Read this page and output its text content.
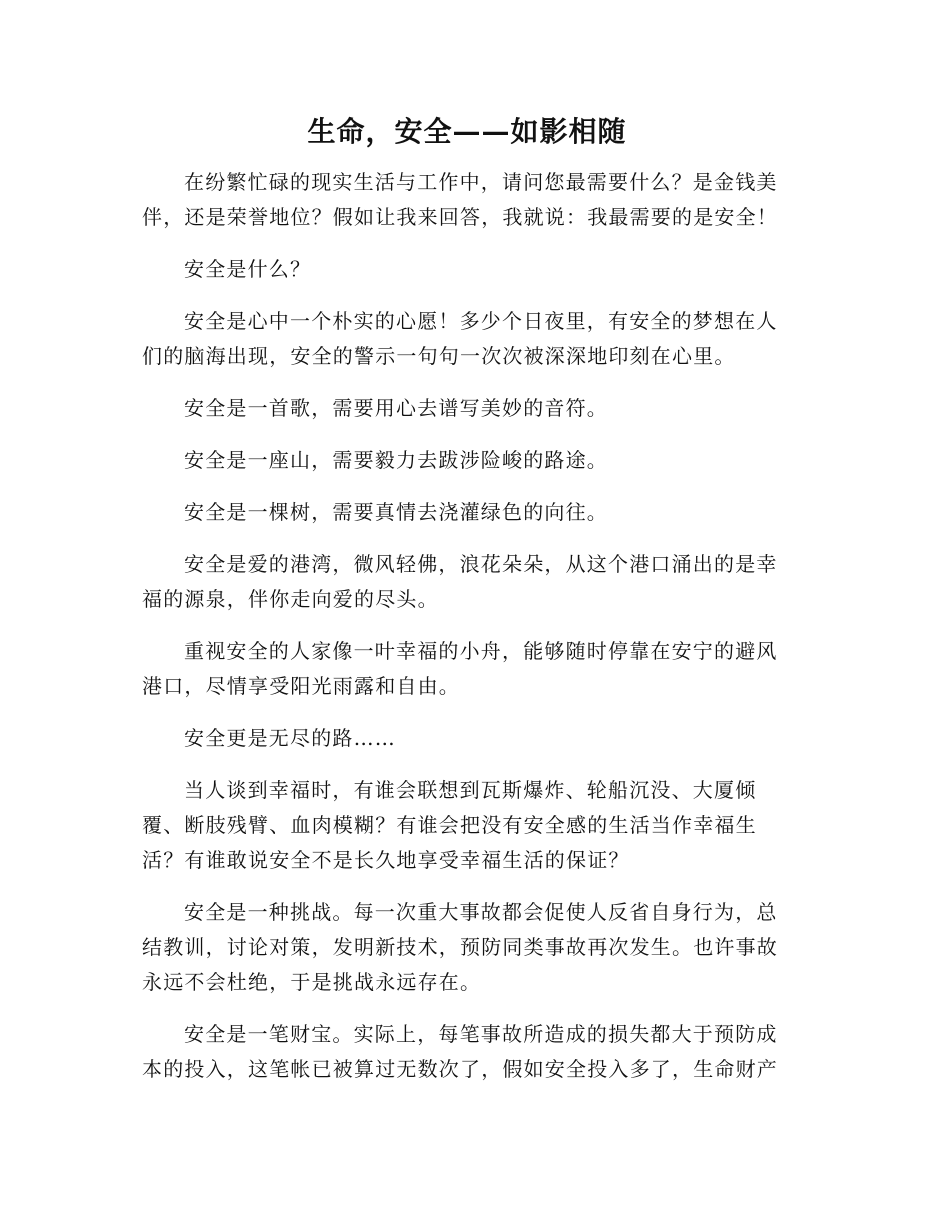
生命，安全——如影相随

在纷繁忙碌的现实生活与工作中，请问您最需要什么？是金钱美伴，还是荣誉地位？假如让我来回答，我就说：我最需要的是安全！

安全是什么？

安全是心中一个朴实的心愿！多少个日夜里，有安全的梦想在人们的脑海出现，安全的警示一句句一次次被深深地印刻在心里。

安全是一首歌，需要用心去谱写美妙的音符。

安全是一座山，需要毅力去跋涉险峻的路途。

安全是一棵树，需要真情去浇灌绿色的向往。

安全是爱的港湾，微风轻佛，浪花朵朵，从这个港口涌出的是幸福的源泉，伴你走向爱的尽头。

重视安全的人家像一叶幸福的小舟，能够随时停靠在安宁的避风港口，尽情享受阳光雨露和自由。

安全更是无尽的路……

当人谈到幸福时，有谁会联想到瓦斯爆炸、轮船沉没、大厦倾覆、断肢残臂、血肉模糊？有谁会把没有安全感的生活当作幸福生活？有谁敢说安全不是长久地享受幸福生活的保证？

安全是一种挑战。每一次重大事故都会促使人反省自身行为，总结教训，讨论对策，发明新技术，预防同类事故再次发生。也许事故永远不会杜绝，于是挑战永远存在。

安全是一笔财宝。实际上，每笔事故所造成的损失都大于预防成本的投入，这笔帐已被算过无数次了，假如安全投入多了，生命财产
